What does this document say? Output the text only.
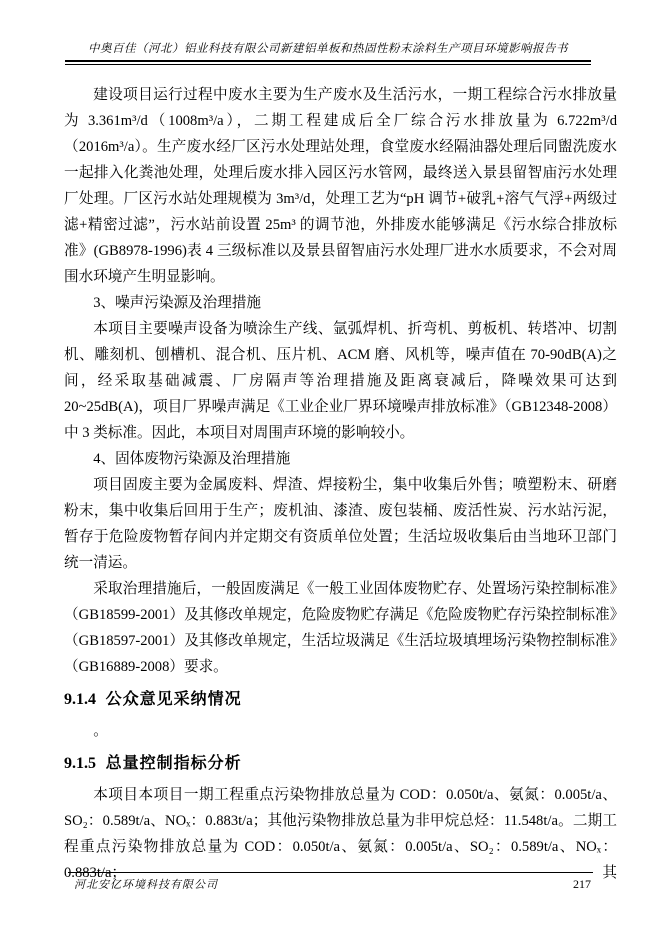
中奥百佳（河北）铝业科技有限公司新建铝单板和热固性粉末涂料生产项目环境影响报告书

建设项目运行过程中废水主要为生产废水及生活污水，一期工程综合污水排放量为 3.361m³/d（1008m³/a），二期工程建成后全厂综合污水排放量为 6.722m³/d（2016m³/a）。生产废水经厂区污水处理站处理，食堂废水经隔油器处理后同盥洗废水一起排入化粪池处理，处理后废水排入园区污水管网，最终送入景县留智庙污水处理厂处理。厂区污水站处理规模为 3m³/d，处理工艺为“pH 调节+破乳+溶气气浮+两级过滤+精密过滤”，污水站前设置 25m³ 的调节池，外排废水能够满足《污水综合排放标准》(GB8978-1996)表 4 三级标准以及景县留智庙污水处理厂进水水质要求，不会对周围水环境产生明显影响。

3、噪声污染源及治理措施

本项目主要噪声设备为喷涂生产线、氩弧焊机、折弯机、剪板机、转塔冲、切割机、雕刻机、刨槽机、混合机、压片机、ACM 磨、风机等，噪声值在 70-90dB(A)之间，经采取基础减震、厂房隔声等治理措施及距离衰减后，降噪效果可达到 20~25dB(A)，项目厂界噪声满足《工业企业厂界环境噪声排放标准》（GB12348-2008）中 3 类标准。因此，本项目对周围声环境的影响较小。

4、固体废物污染源及治理措施

项目固废主要为金属废料、焊渣、焊接粉尘，集中收集后外售；喷塑粉末、研磨粉末，集中收集后回用于生产；废机油、漆渣、废包装桶、废活性炭、污水站污泥，暂存于危险废物暂存间内并定期交有资质单位处置；生活垃圾收集后由当地环卫部门统一清运。

采取治理措施后，一般固废满足《一般工业固体废物贮存、处置场污染控制标准》（GB18599-2001）及其修改单规定，危险废物贮存满足《危险废物贮存污染控制标准》（GB18597-2001）及其修改单规定，生活垃圾满足《生活垃圾填埋场污染物控制标准》（GB16889-2008）要求。

9.1.4 公众意见采纳情况

。

9.1.5 总量控制指标分析

本项目本项目一期工程重点污染物排放总量为 COD：0.050t/a、氨氮：0.005t/a、SO₂：0.589t/a、NOₓ：0.883t/a；其他污染物排放总量为非甲烷总烃：11.548t/a。二期工程重点污染物排放总量为 COD：0.050t/a、氨氮：0.005t/a、SO₂：0.589t/a、NOₓ：0.883t/a；其

河北安亿环境科技有限公司	217
